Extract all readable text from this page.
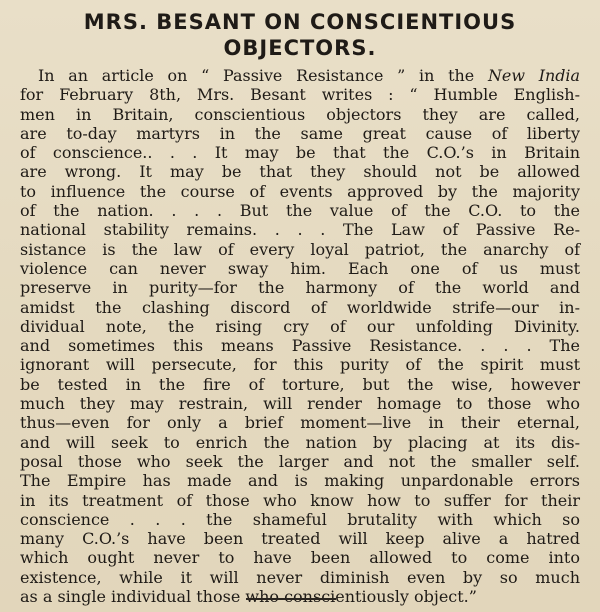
MRS. BESANT ON CONSCIENTIOUS
OBJECTORS.
In an article on “ Passive Resistance ” in the New India
for February 8th, Mrs. Besant writes : “ Humble English-
men in Britain, conscientious objectors they are called,
are to-day martyrs in the same great cause of liberty
of conscience.. . . It may be that the C.O.’s in Britain
are wrong. It may be that they should not be allowed
to influence the course of events approved by the majority
of the nation. . . . But the value of the C.O. to the
national stability remains. . . . The Law of Passive Re-
sistance is the law of every loyal patriot, the anarchy of
violence can never sway him. Each one of us must
preserve in purity—for the harmony of the world and
amidst the clashing discord of worldwide strife—our in-
dividual note, the rising cry of our unfolding Divinity.
and sometimes this means Passive Resistance. . . . The
ignorant will persecute, for this purity of the spirit must
be tested in the fire of torture, but the wise, however
much they may restrain, will render homage to those who
thus—even for only a brief moment—live in their eternal,
and will seek to enrich the nation by placing at its dis-
posal those who seek the larger and not the smaller self.
The Empire has made and is making unpardonable errors
in its treatment of those who know how to suffer for their
conscience . . . the shameful brutality with which so
many C.O.’s have been treated will keep alive a hatred
which ought never to have been allowed to come into
existence, while it will never diminish even by so much
as a single individual those who conscientiously object.”
